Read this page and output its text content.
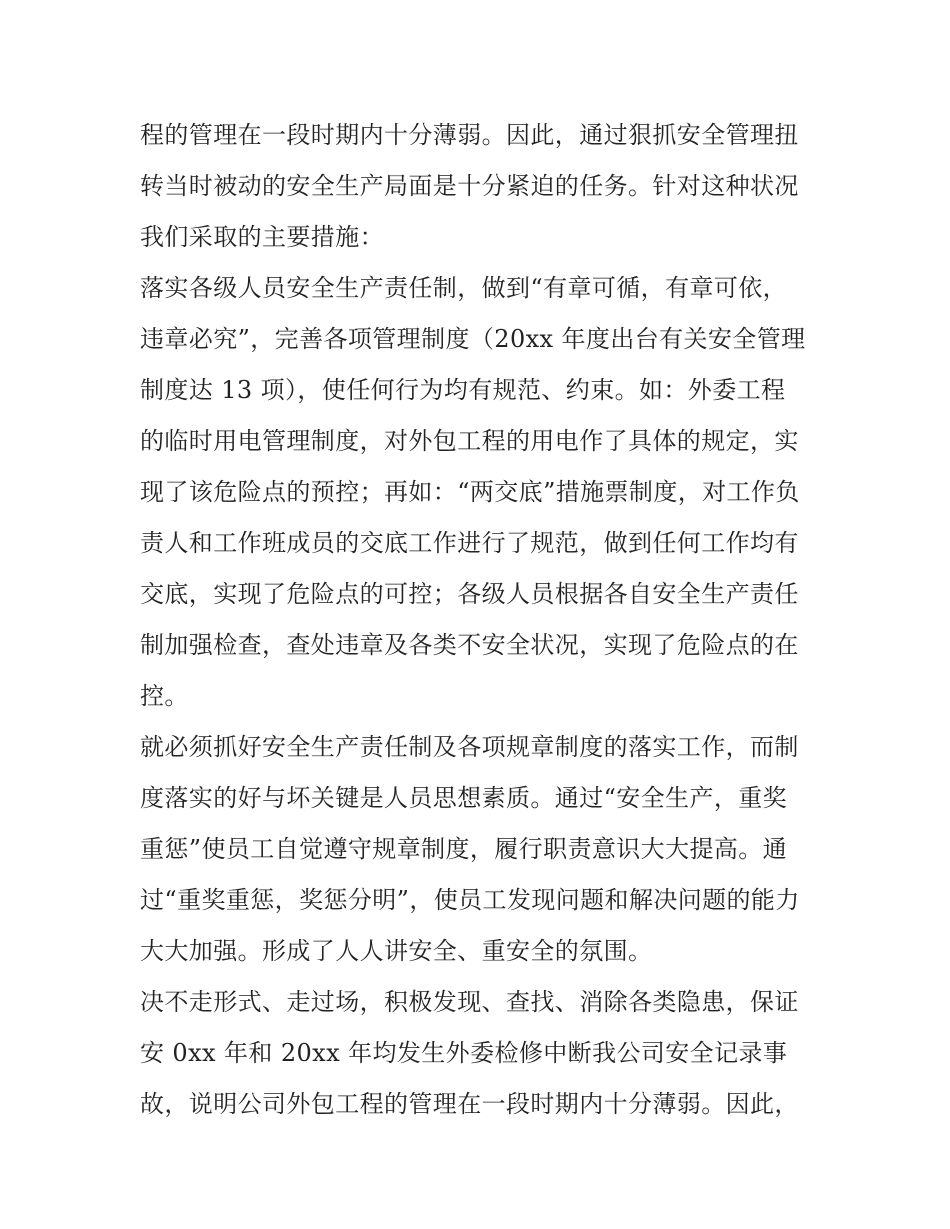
程的管理在一段时期内十分薄弱。因此，通过狠抓安全管理扭
转当时被动的安全生产局面是十分紧迫的任务。针对这种状况
我们采取的主要措施：
落实各级人员安全生产责任制，做到“有章可循，有章可依，
违章必究”，完善各项管理制度（20xx 年度出台有关安全管理
制度达 13 项），使任何行为均有规范、约束。如：外委工程
的临时用电管理制度，对外包工程的用电作了具体的规定，实
现了该危险点的预控；再如：“两交底”措施票制度，对工作负
责人和工作班成员的交底工作进行了规范，做到任何工作均有
交底，实现了危险点的可控；各级人员根据各自安全生产责任
制加强检查，查处违章及各类不安全状况，实现了危险点的在
控。
就必须抓好安全生产责任制及各项规章制度的落实工作，而制
度落实的好与坏关键是人员思想素质。通过“安全生产，重奖
重惩”使员工自觉遵守规章制度，履行职责意识大大提高。通
过“重奖重惩，奖惩分明”，使员工发现问题和解决问题的能力
大大加强。形成了人人讲安全、重安全的氛围。
决不走形式、走过场，积极发现、查找、消除各类隐患，保证
安 0xx 年和 20xx 年均发生外委检修中断我公司安全记录事
故，说明公司外包工程的管理在一段时期内十分薄弱。因此，
